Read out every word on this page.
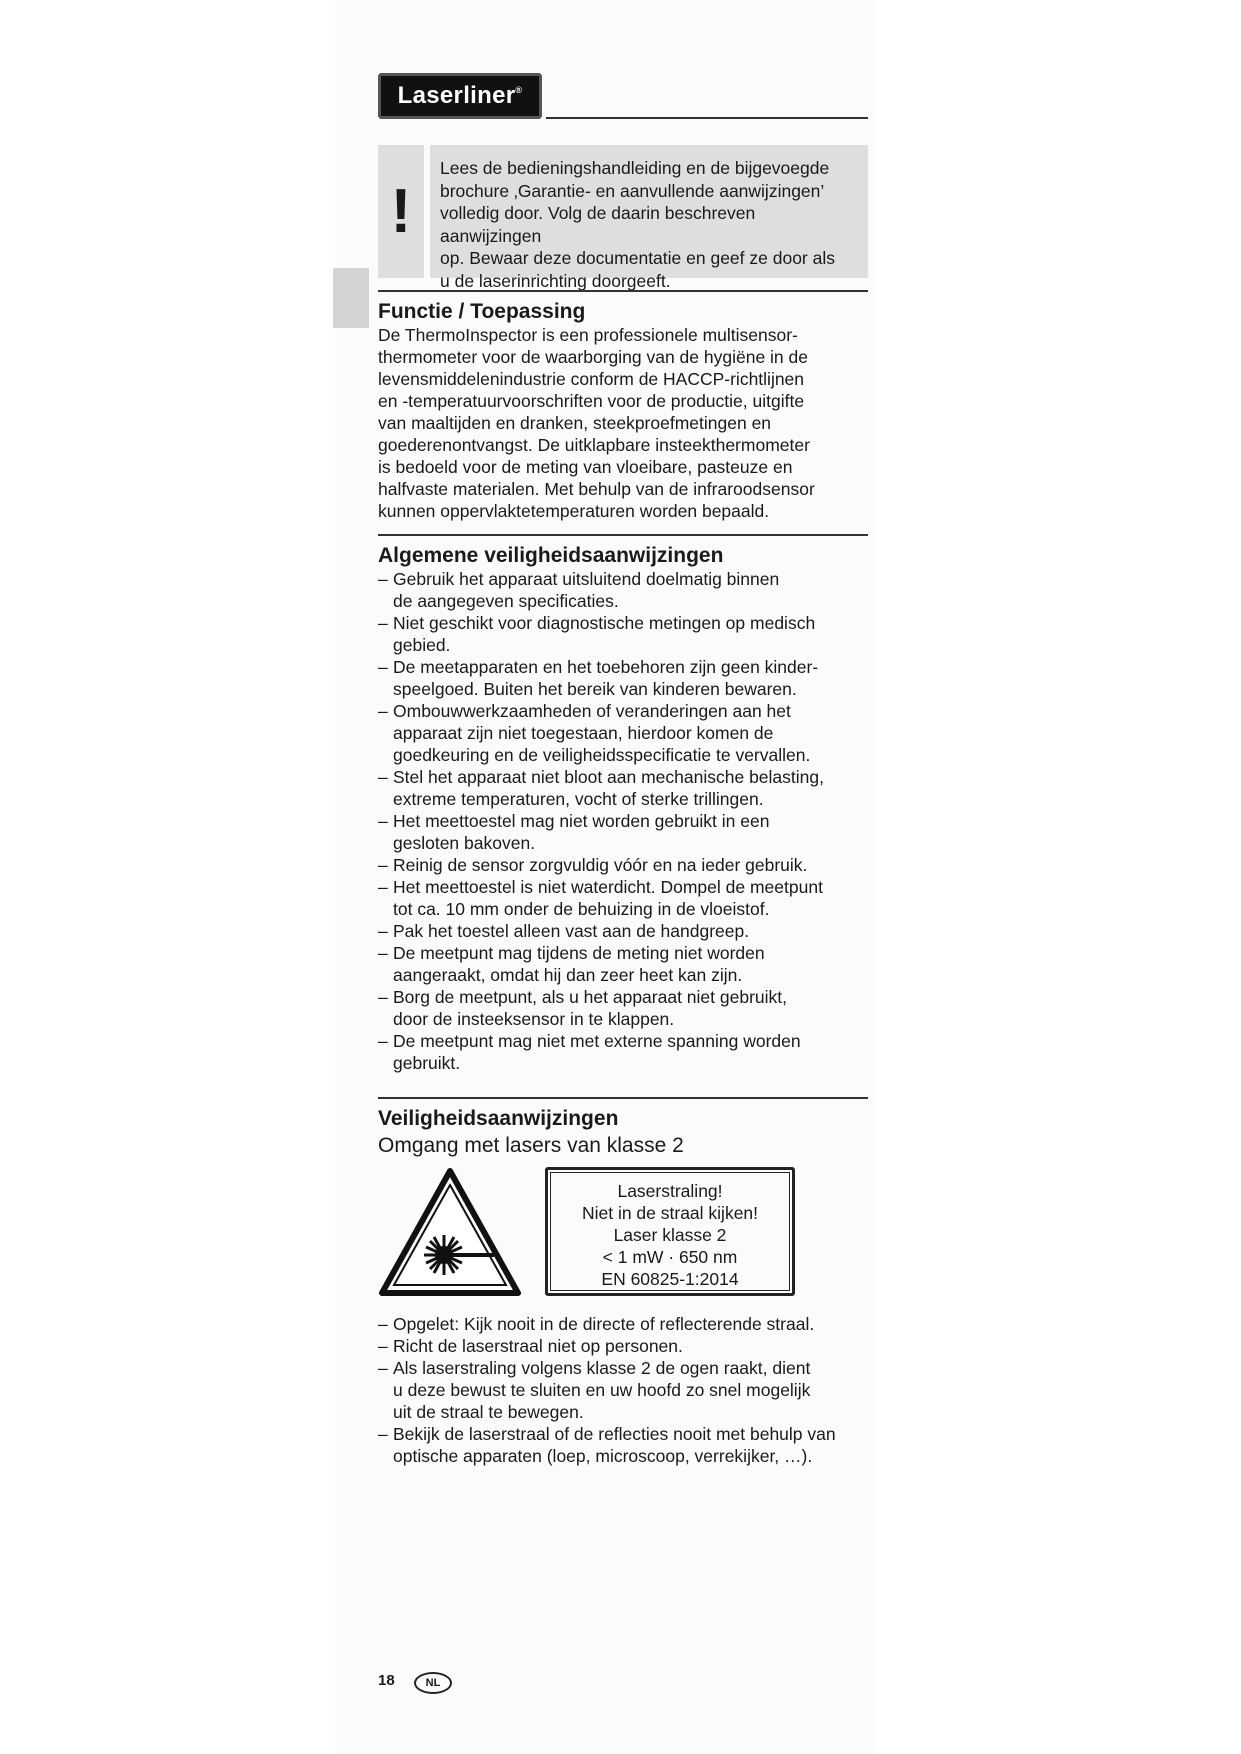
Laserliner®
!

Lees de bedieningshandleiding en de bijgevoegde

brochure ‚Garantie- en aanvullende aanwijzingen’

volledig door. Volg de daarin beschreven aanwijzingen

op. Bewaar deze documentatie en geef ze door als

u de laserinrichting doorgeeft.

Functie / Toepassing
De ThermoInspector is een professionele multisensor-
thermometer voor de waarborging van de hygiëne in de
levensmiddelenindustrie conform de HACCP-richtlijnen
en -temperatuurvoorschriften voor de productie, uitgifte
van maaltijden en dranken, steekproefmetingen en
goederenontvangst. De uitklapbare insteekthermometer
is bedoeld voor de meting van vloeibare, pasteuze en
halfvaste materialen. Met behulp van de infraroodsensor
kunnen oppervlaktetemperaturen worden bepaald.
Algemene veiligheidsaanwijzingen
– Gebruik het apparaat uitsluitend doelmatig binnen
de aangegeven specificaties.
– Niet geschikt voor diagnostische metingen op medisch
gebied.
– De meetapparaten en het toebehoren zijn geen kinder-
speelgoed. Buiten het bereik van kinderen bewaren.
– Ombouwwerkzaamheden of veranderingen aan het
apparaat zijn niet toegestaan, hierdoor komen de
goedkeuring en de veiligheidsspecificatie te vervallen.
– Stel het apparaat niet bloot aan mechanische belasting,
extreme temperaturen, vocht of sterke trillingen.
– Het meettoestel mag niet worden gebruikt in een
gesloten bakoven.
– Reinig de sensor zorgvuldig vóór en na ieder gebruik.
– Het meettoestel is niet waterdicht. Dompel de meetpunt
tot ca. 10 mm onder de behuizing in de vloeistof.
– Pak het toestel alleen vast aan de handgreep.
– De meetpunt mag tijdens de meting niet worden
aangeraakt, omdat hij dan zeer heet kan zijn.
– Borg de meetpunt, als u het apparaat niet gebruikt,
door de insteeksensor in te klappen.
– De meetpunt mag niet met externe spanning worden
gebruikt.
Veiligheidsaanwijzingen
Omgang met lasers van klasse 2
Laserstraling!
Niet in de straal kijken!
Laser klasse 2
< 1 mW · 650 nm
EN 60825-1:2014
– Opgelet: Kijk nooit in de directe of reflecterende straal.
– Richt de laserstraal niet op personen.
– Als laserstraling volgens klasse 2 de ogen raakt, dient
u deze bewust te sluiten en uw hoofd zo snel mogelijk
uit de straal te bewegen.
– Bekijk de laserstraal of de reflecties nooit met behulp van
optische apparaten (loep, microscoop, verrekijker, …).
18	NL
